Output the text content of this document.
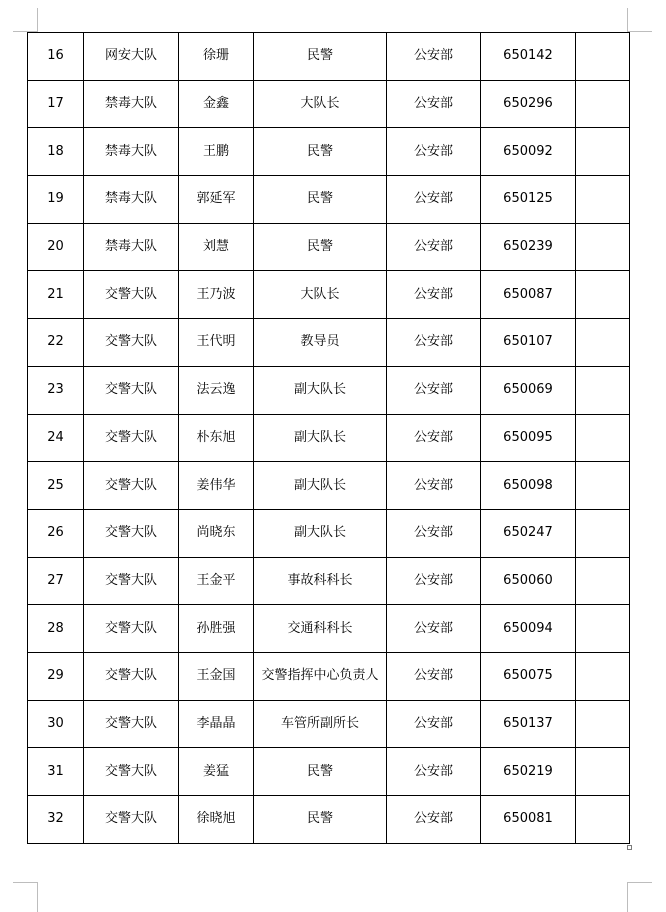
16	网安大队	徐珊	民警	公安部	650142	
17	禁毒大队	金鑫	大队长	公安部	650296	
18	禁毒大队	王鹏	民警	公安部	650092	
19	禁毒大队	郭延军	民警	公安部	650125	
20	禁毒大队	刘慧	民警	公安部	650239	
21	交警大队	王乃波	大队长	公安部	650087	
22	交警大队	王代明	教导员	公安部	650107	
23	交警大队	法云逸	副大队长	公安部	650069	
24	交警大队	朴东旭	副大队长	公安部	650095	
25	交警大队	姜伟华	副大队长	公安部	650098	
26	交警大队	尚晓东	副大队长	公安部	650247	
27	交警大队	王金平	事故科科长	公安部	650060	
28	交警大队	孙胜强	交通科科长	公安部	650094	
29	交警大队	王金国	交警指挥中心负责人	公安部	650075	
30	交警大队	李晶晶	车管所副所长	公安部	650137	
31	交警大队	姜猛	民警	公安部	650219	
32	交警大队	徐晓旭	民警	公安部	650081	
